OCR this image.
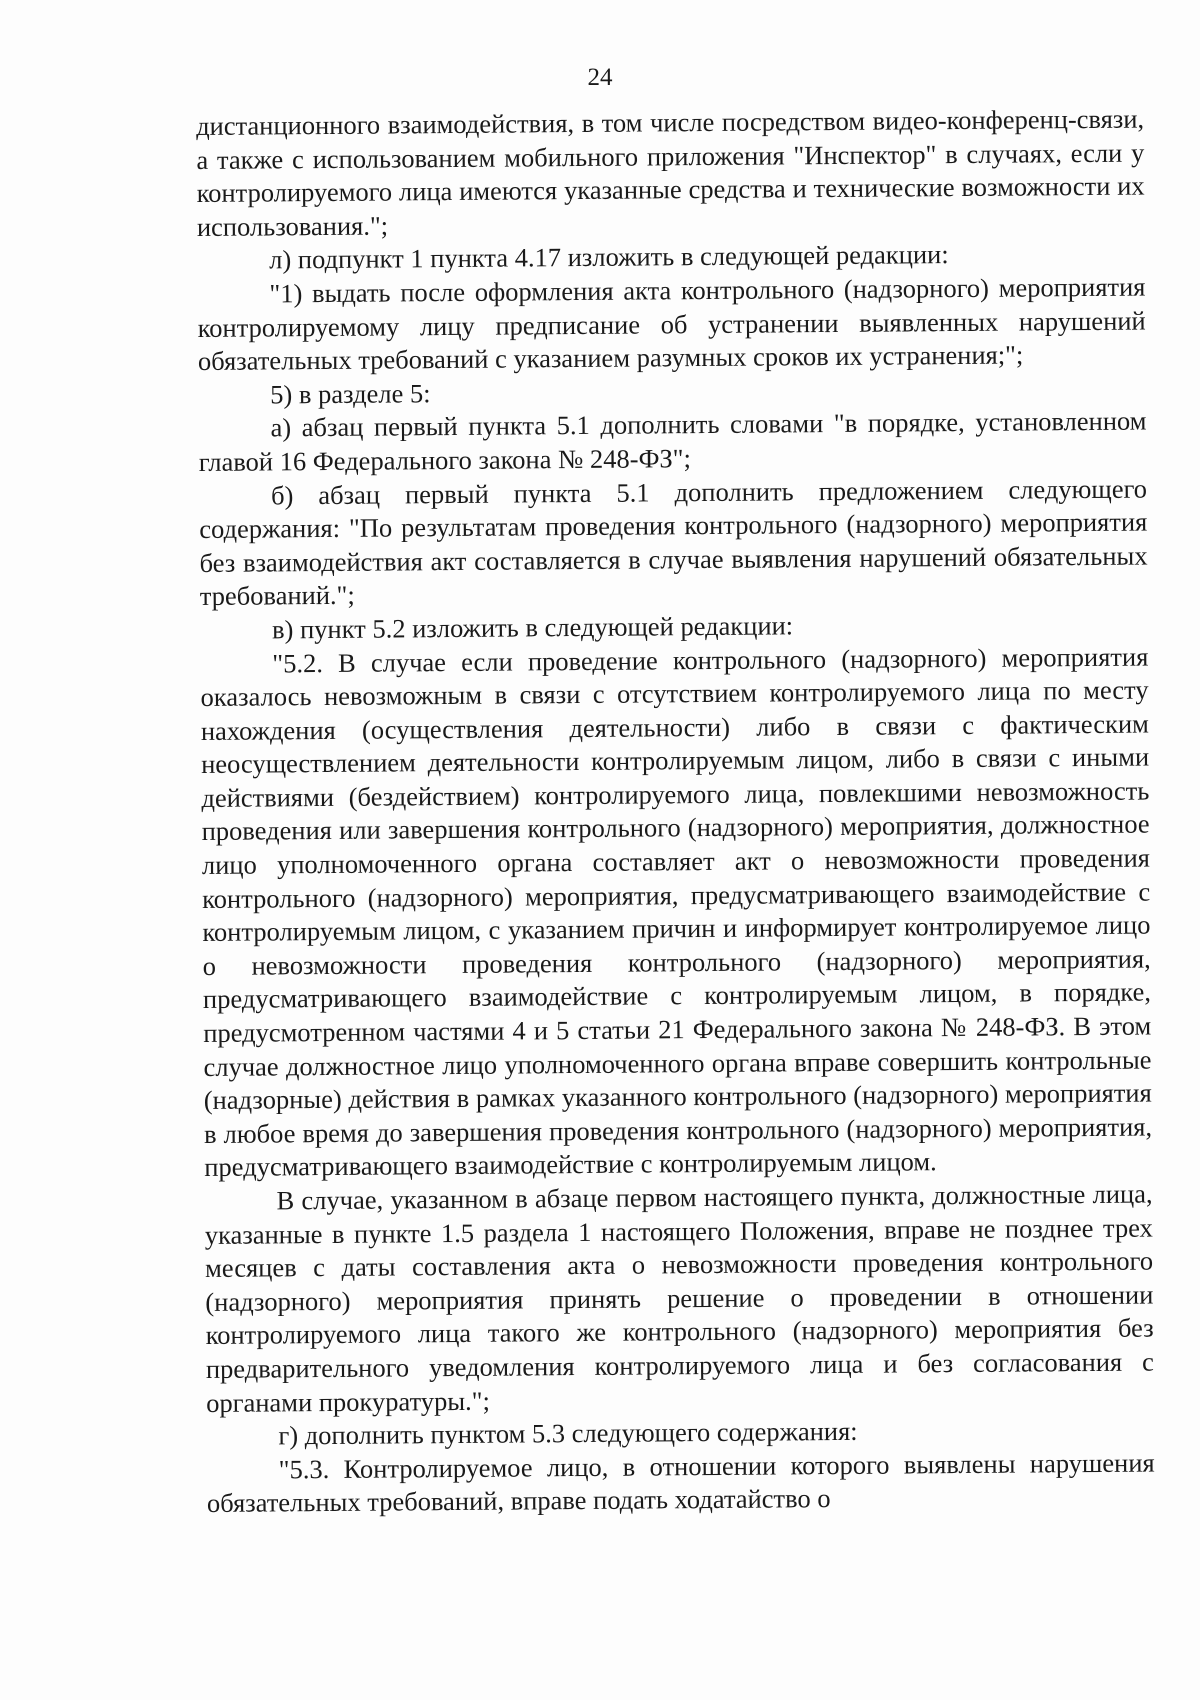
24

дистанционного взаимодействия, в том числе посредством видео-конференц-связи, а также с использованием мобильного приложения "Инспектор" в случаях, если у контролируемого лица имеются указанные средства и технические возможности их использования.";

л) подпункт 1 пункта 4.17 изложить в следующей редакции:

"1) выдать после оформления акта контрольного (надзорного) мероприятия контролируемому лицу предписание об устранении выявленных нарушений обязательных требований с указанием разумных сроков их устранения;";

5) в разделе 5:

а) абзац первый пункта 5.1 дополнить словами "в порядке, установленном главой 16 Федерального закона № 248-ФЗ";

б) абзац первый пункта 5.1 дополнить предложением следующего содержания: "По результатам проведения контрольного (надзорного) мероприятия без взаимодействия акт составляется в случае выявления нарушений обязательных требований.";

в) пункт 5.2 изложить в следующей редакции:

"5.2. В случае если проведение контрольного (надзорного) мероприятия оказалось невозможным в связи с отсутствием контролируемого лица по месту нахождения (осуществления деятельности) либо в связи с фактическим неосуществлением деятельности контролируемым лицом, либо в связи с иными действиями (бездействием) контролируемого лица, повлекшими невозможность проведения или завершения контрольного (надзорного) мероприятия, должностное лицо уполномоченного органа составляет акт о невозможности проведения контрольного (надзорного) мероприятия, предусматривающего взаимодействие с контролируемым лицом, с указанием причин и информирует контролируемое лицо о невозможности проведения контрольного (надзорного) мероприятия, предусматривающего взаимодействие с контролируемым лицом, в порядке, предусмотренном частями 4 и 5 статьи 21 Федерального закона № 248-ФЗ. В этом случае должностное лицо уполномоченного органа вправе совершить контрольные (надзорные) действия в рамках указанного контрольного (надзорного) мероприятия в любое время до завершения проведения контрольного (надзорного) мероприятия, предусматривающего взаимодействие с контролируемым лицом.

В случае, указанном в абзаце первом настоящего пункта, должностные лица, указанные в пункте 1.5 раздела 1 настоящего Положения, вправе не позднее трех месяцев с даты составления акта о невозможности проведения контрольного (надзорного) мероприятия принять решение о проведении в отношении контролируемого лица такого же контрольного (надзорного) мероприятия без предварительного уведомления контролируемого лица и без согласования с органами прокуратуры.";

г) дополнить пунктом 5.3 следующего содержания:

"5.3. Контролируемое лицо, в отношении которого выявлены нарушения обязательных требований, вправе подать ходатайство о
